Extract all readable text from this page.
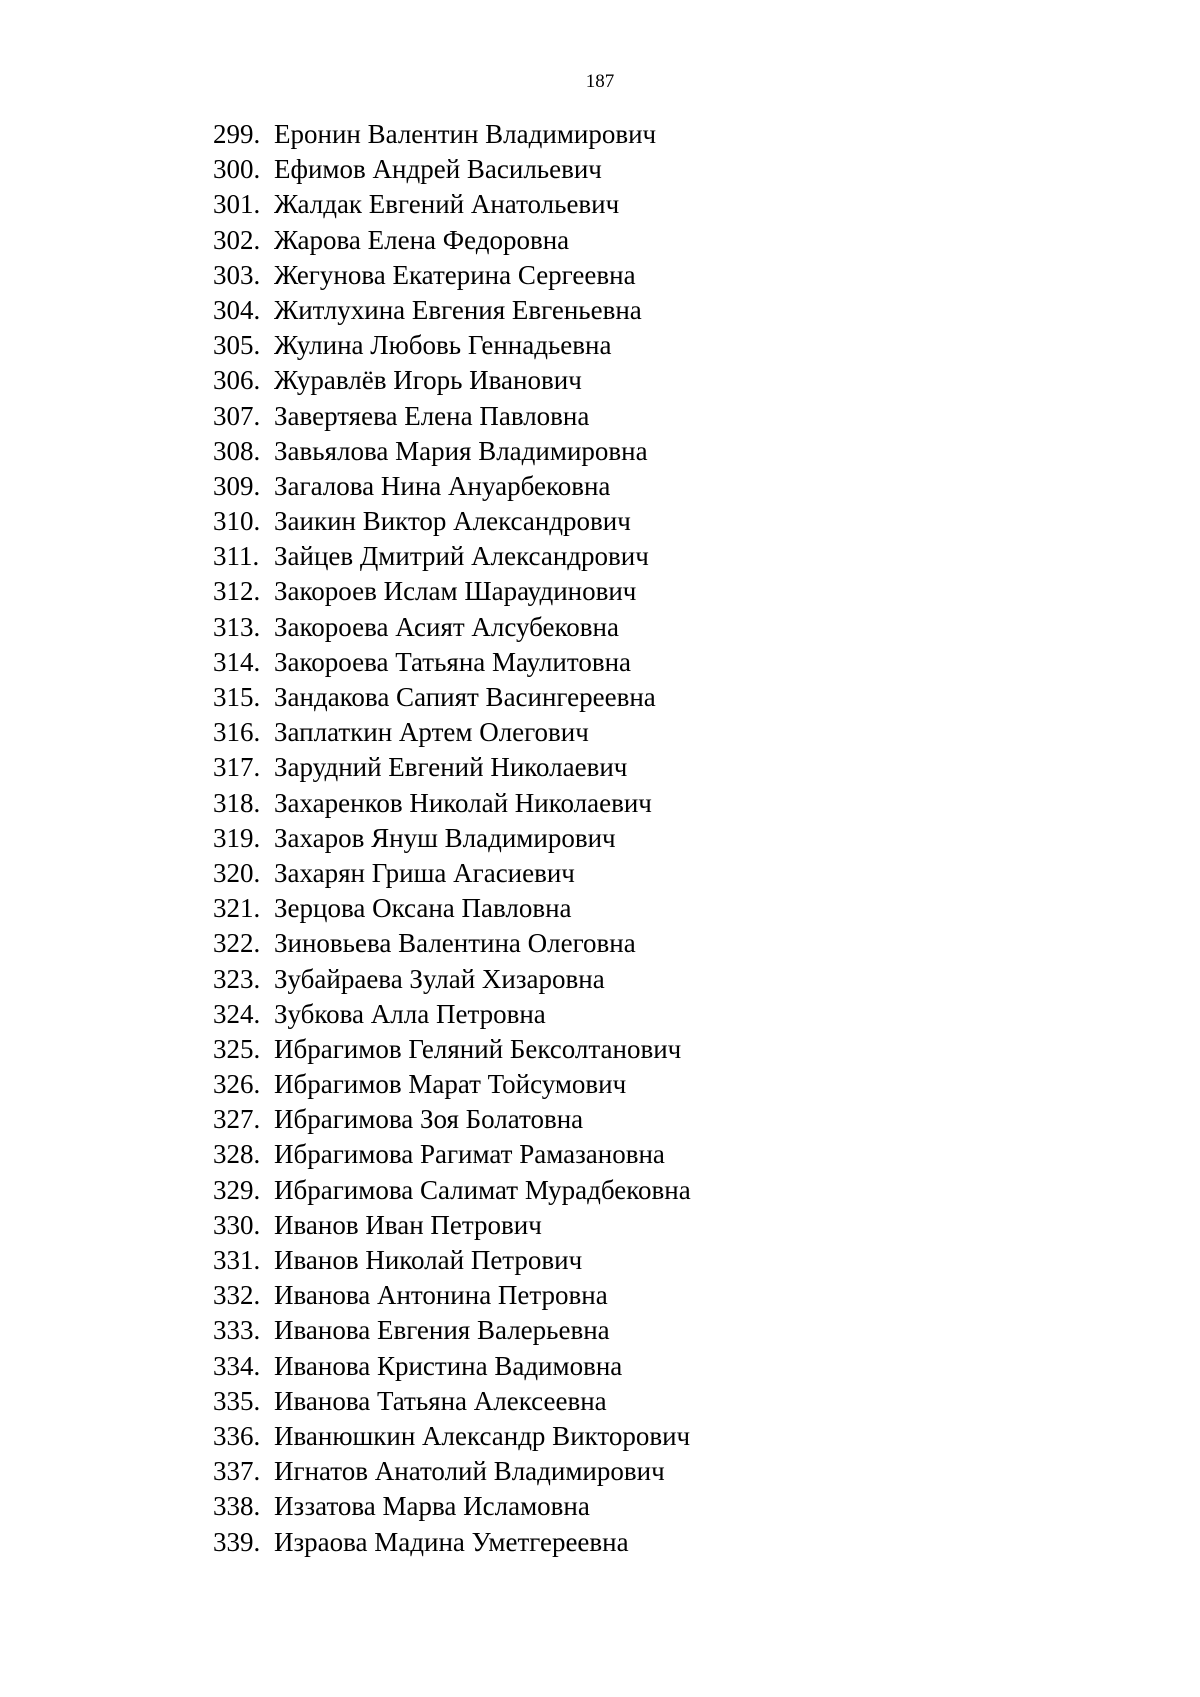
187
299. Еронин Валентин Владимирович
300. Ефимов Андрей Васильевич
301. Жалдак Евгений Анатольевич
302. Жарова Елена Федоровна
303. Жегунова Екатерина Сергеевна
304. Житлухина Евгения Евгеньевна
305. Жулина Любовь Геннадьевна
306. Журавлёв Игорь Иванович
307. Завертяева Елена Павловна
308. Завьялова Мария Владимировна
309. Загалова Нина Ануарбековна
310. Заикин Виктор Александрович
311. Зайцев Дмитрий Александрович
312. Закороев Ислам Шараудинович
313. Закороева Асият Алсубековна
314. Закороева Татьяна Маулитовна
315. Зандакова Сапият Васингереевна
316. Заплаткин Артем Олегович
317. Зарудний Евгений Николаевич
318. Захаренков Николай Николаевич
319. Захаров Януш Владимирович
320. Захарян Гриша Агасиевич
321. Зерцова Оксана Павловна
322. Зиновьева Валентина Олеговна
323. Зубайраева Зулай Хизаровна
324. Зубкова Алла Петровна
325. Ибрагимов Геляний Бексолтанович
326. Ибрагимов Марат Тойсумович
327. Ибрагимова Зоя Болатовна
328. Ибрагимова Рагимат Рамазановна
329. Ибрагимова Салимат Мурадбековна
330. Иванов Иван Петрович
331. Иванов Николай Петрович
332. Иванова Антонина Петровна
333. Иванова Евгения Валерьевна
334. Иванова Кристина Вадимовна
335. Иванова Татьяна Алексеевна
336. Иванюшкин Александр Викторович
337. Игнатов Анатолий Владимирович
338. Иззатова Марва Исламовна
339. Израова Мадина Уметгереевна
